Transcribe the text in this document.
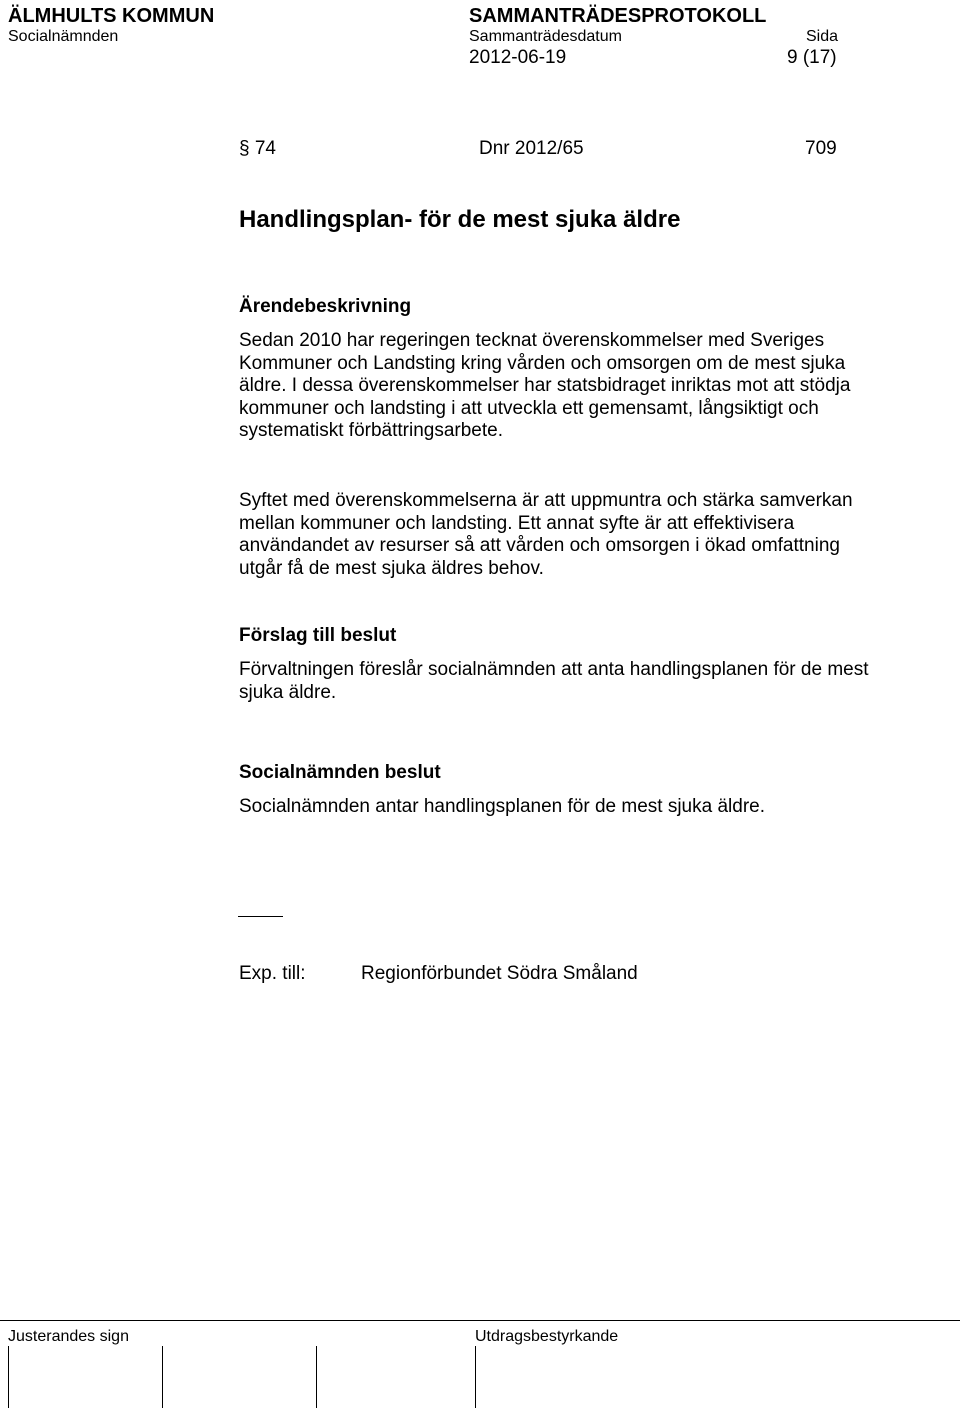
ÄLMHULTS KOMMUN	SAMMANTRÄDESPROTOKOLL
Socialnämnden	Sammanträdesdatum	Sida
2012-06-19	9 (17)
§ 74	Dnr 2012/65	709
Handlingsplan- för de mest sjuka äldre
Ärendebeskrivning
Sedan 2010 har regeringen tecknat överenskommelser med Sveriges Kommuner och Landsting kring vården och omsorgen om de mest sjuka äldre. I dessa överenskommelser har statsbidraget inriktas mot att stödja kommuner och landsting i att utveckla ett gemensamt, långsiktigt och systematiskt förbättringsarbete.
Syftet med överenskommelserna är att uppmuntra och stärka samverkan mellan kommuner och landsting. Ett annat syfte är att effektivisera användandet av resurser så att vården och omsorgen i ökad omfattning utgår få de mest sjuka äldres behov.
Förslag till beslut
Förvaltningen föreslår socialnämnden att anta handlingsplanen för de mest sjuka äldre.
Socialnämnden beslut
Socialnämnden antar handlingsplanen för de mest sjuka äldre.
Exp. till:	Regionförbundet Södra Småland
Justerandes sign	Utdragsbestyrkande
